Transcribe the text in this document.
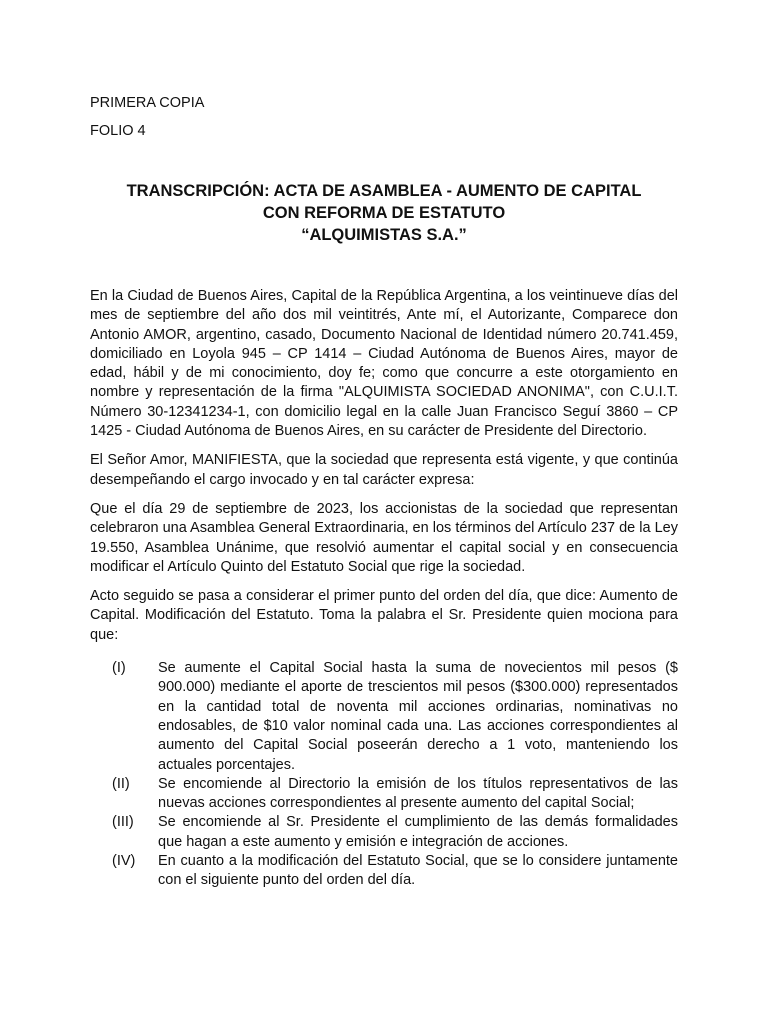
PRIMERA COPIA

FOLIO 4

TRANSCRIPCIÓN: ACTA DE ASAMBLEA - AUMENTO DE CAPITAL
CON REFORMA DE ESTATUTO
“ALQUIMISTAS S.A.”

En la Ciudad de Buenos Aires, Capital de la República Argentina, a los veintinueve días del mes de septiembre del año dos mil veintitrés, Ante mí, el Autorizante, Comparece don Antonio AMOR, argentino, casado, Documento Nacional de Identidad número 20.741.459, domiciliado en Loyola 945 – CP 1414 – Ciudad Autónoma de Buenos Aires, mayor de edad, hábil y de mi conocimiento, doy fe; como que concurre a este otorgamiento en nombre y representación de la firma "ALQUIMISTA SOCIEDAD ANONIMA", con C.U.I.T. Número 30-12341234-1, con domicilio legal en la calle Juan Francisco Seguí 3860 – CP 1425 - Ciudad Autónoma de Buenos Aires, en su carácter de Presidente del Directorio.

El Señor Amor, MANIFIESTA, que la sociedad que representa está vigente, y que continúa desempeñando el cargo invocado y en tal carácter expresa:

Que el día 29 de septiembre de 2023, los accionistas de la sociedad que representan celebraron una Asamblea General Extraordinaria, en los términos del Artículo 237 de la Ley 19.550, Asamblea Unánime, que resolvió aumentar el capital social y en consecuencia modificar el Artículo Quinto del Estatuto Social que rige la sociedad.

Acto seguido se pasa a considerar el primer punto del orden del día, que dice: Aumento de Capital. Modificación del Estatuto. Toma la palabra el Sr. Presidente quien mociona para que:

(I)	Se aumente el Capital Social hasta la suma de novecientos mil pesos ($ 900.000) mediante el aporte de trescientos mil pesos ($300.000) representados en la cantidad total de noventa mil acciones ordinarias, nominativas no endosables, de $10 valor nominal cada una. Las acciones correspondientes al aumento del Capital Social poseerán derecho a 1 voto, manteniendo los actuales porcentajes.
(II) Se encomiende al Directorio la emisión de los títulos representativos de las nuevas acciones correspondientes al presente aumento del capital Social;
(III) Se encomiende al Sr. Presidente el cumplimiento de las demás formalidades que hagan a este aumento y emisión e integración de acciones.
(IV) En cuanto a la modificación del Estatuto Social, que se lo considere juntamente con el siguiente punto del orden del día.
